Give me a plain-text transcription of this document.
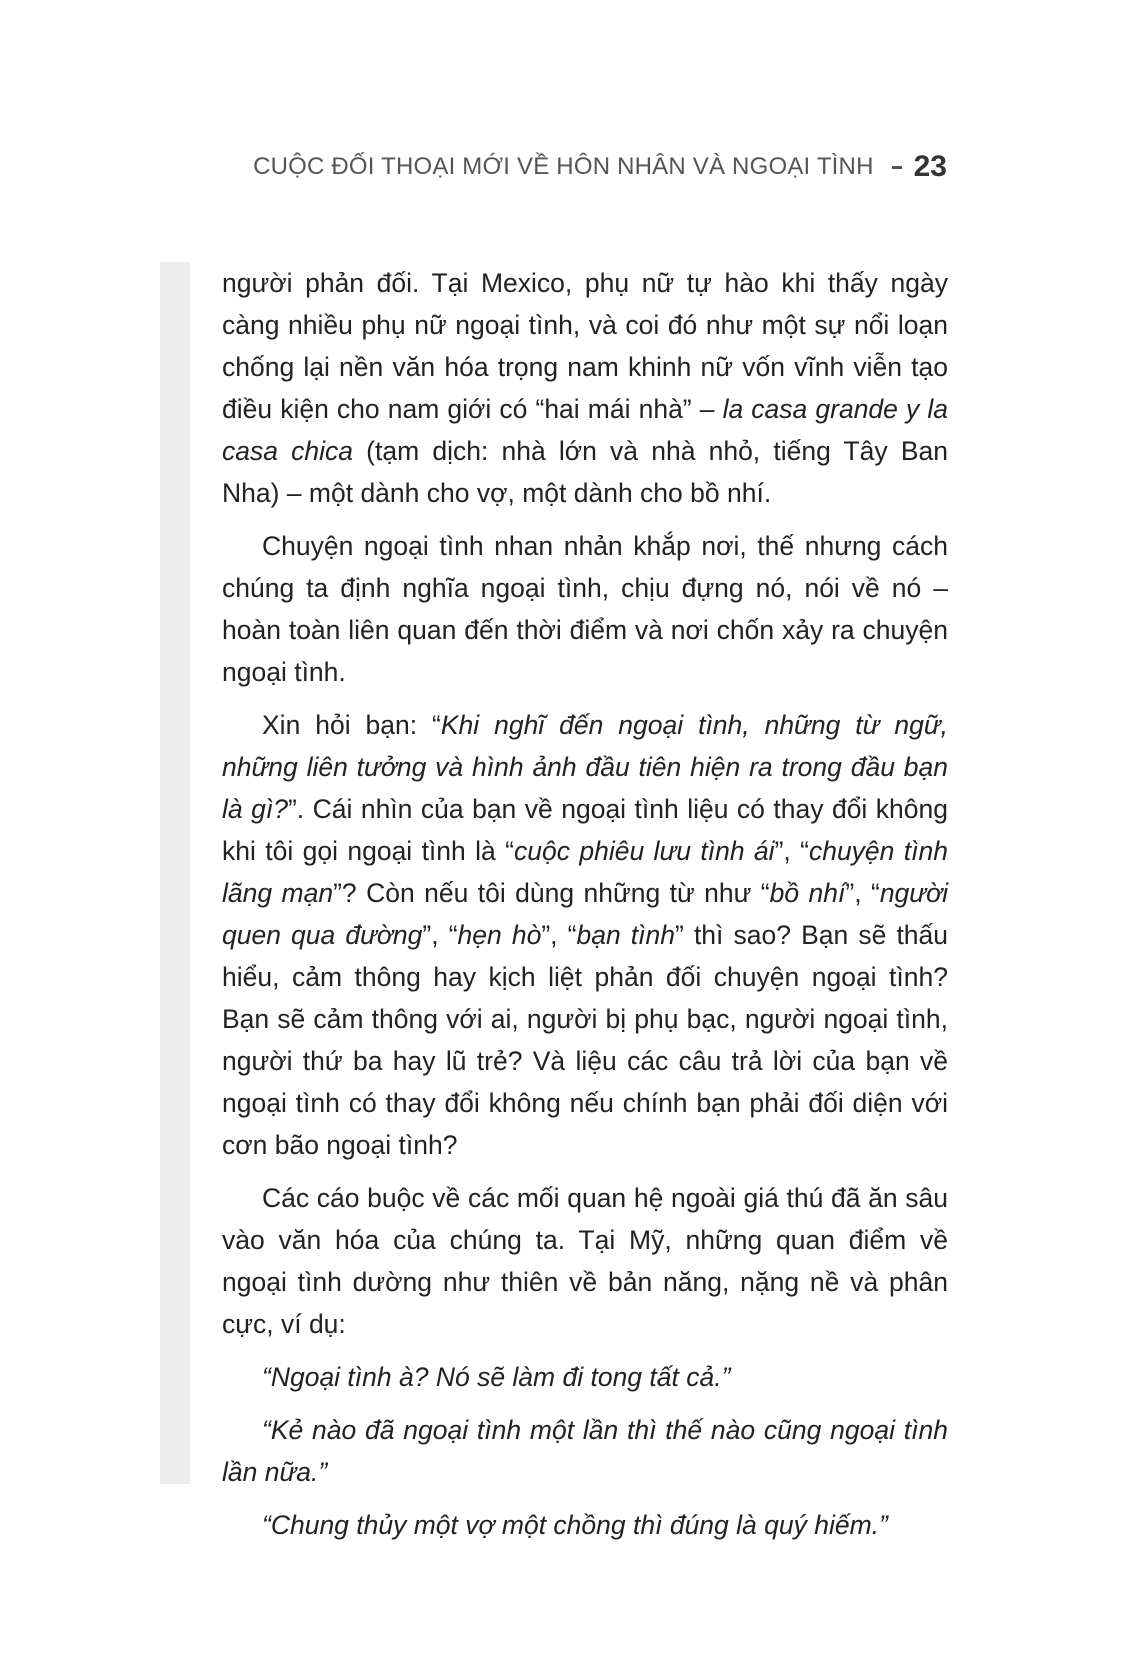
CUỘC ĐỐI THOẠI MỚI VỀ HÔN NHÂN VÀ NGOẠI TÌNH 23

người phản đối. Tại Mexico, phụ nữ tự hào khi thấy ngày càng nhiều phụ nữ ngoại tình, và coi đó như một sự nổi loạn chống lại nền văn hóa trọng nam khinh nữ vốn vĩnh viễn tạo điều kiện cho nam giới có “hai mái nhà” – la casa grande y la casa chica (tạm dịch: nhà lớn và nhà nhỏ, tiếng Tây Ban Nha) – một dành cho vợ, một dành cho bồ nhí.

Chuyện ngoại tình nhan nhản khắp nơi, thế nhưng cách chúng ta định nghĩa ngoại tình, chịu đựng nó, nói về nó – hoàn toàn liên quan đến thời điểm và nơi chốn xảy ra chuyện ngoại tình.

Xin hỏi bạn: “Khi nghĩ đến ngoại tình, những từ ngữ, những liên tưởng và hình ảnh đầu tiên hiện ra trong đầu bạn là gì?”. Cái nhìn của bạn về ngoại tình liệu có thay đổi không khi tôi gọi ngoại tình là “cuộc phiêu lưu tình ái”, “chuyện tình lãng mạn”? Còn nếu tôi dùng những từ như “bồ nhí”, “người quen qua đường”, “hẹn hò”, “bạn tình” thì sao? Bạn sẽ thấu hiểu, cảm thông hay kịch liệt phản đối chuyện ngoại tình? Bạn sẽ cảm thông với ai, người bị phụ bạc, người ngoại tình, người thứ ba hay lũ trẻ? Và liệu các câu trả lời của bạn về ngoại tình có thay đổi không nếu chính bạn phải đối diện với cơn bão ngoại tình?

Các cáo buộc về các mối quan hệ ngoài giá thú đã ăn sâu vào văn hóa của chúng ta. Tại Mỹ, những quan điểm về ngoại tình dường như thiên về bản năng, nặng nề và phân cực, ví dụ:

“Ngoại tình à? Nó sẽ làm đi tong tất cả.”

“Kẻ nào đã ngoại tình một lần thì thế nào cũng ngoại tình lần nữa.”

“Chung thủy một vợ một chồng thì đúng là quý hiếm.”
